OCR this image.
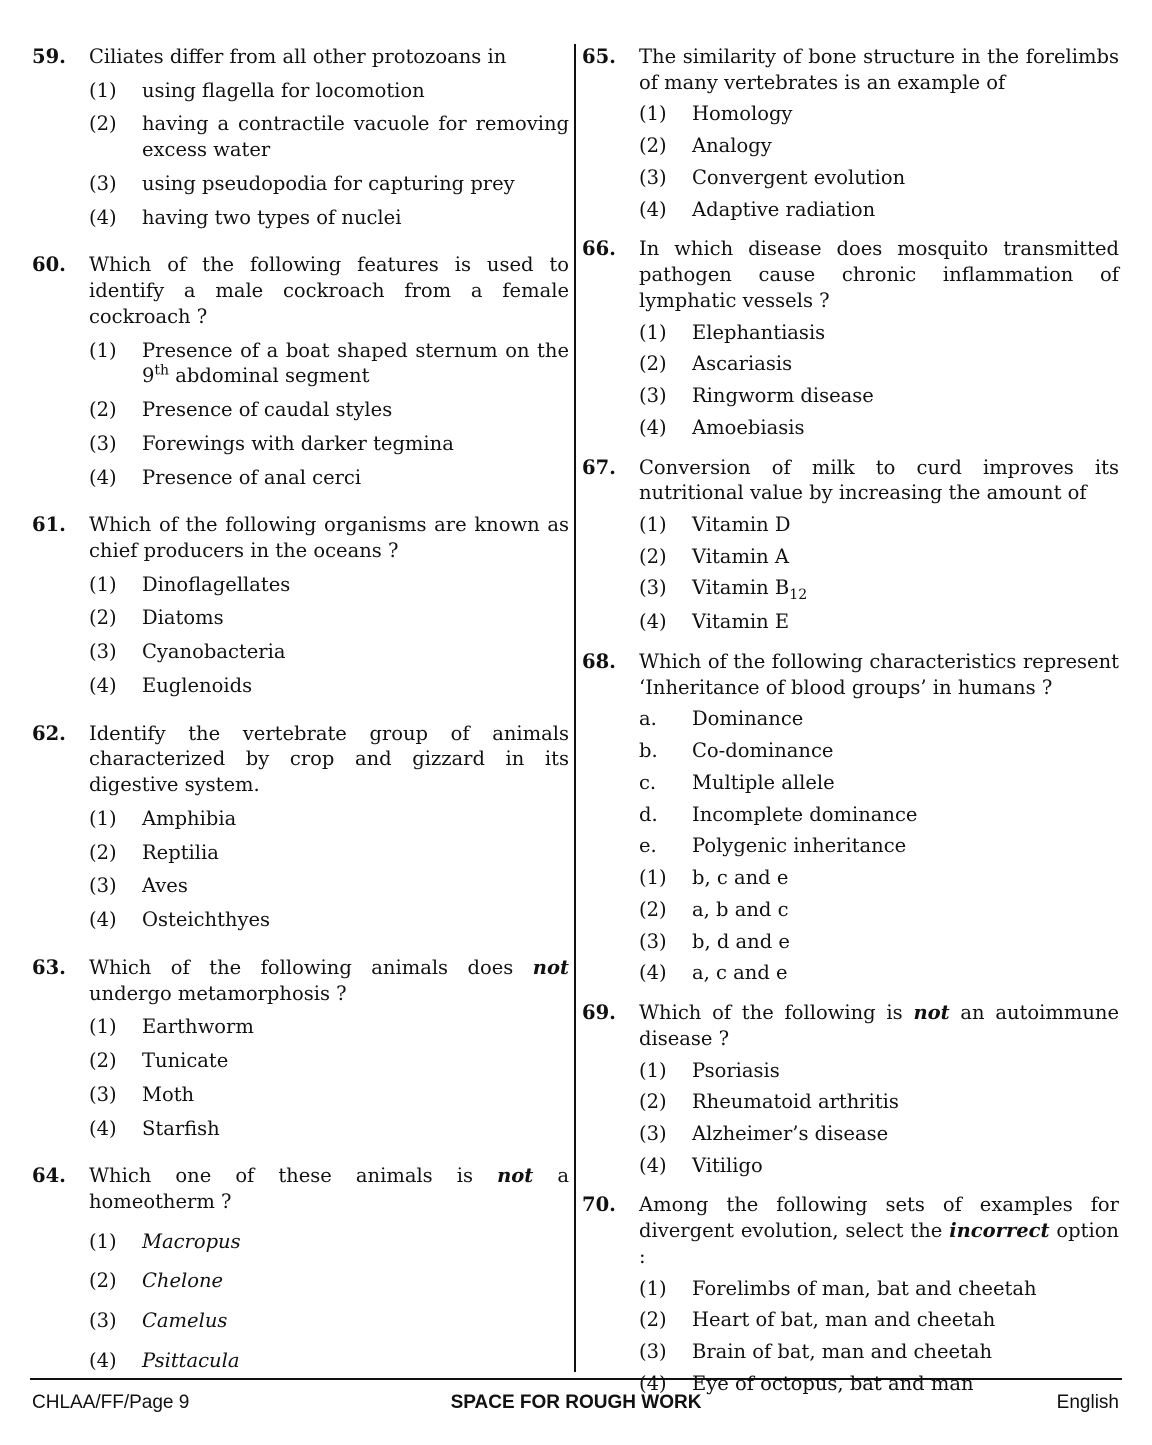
59.	Ciliates differ from all other protozoans in
(1)	using flagella for locomotion
(2)	having a contractile vacuole for removing excess water
(3)	using pseudopodia for capturing prey
(4)	having two types of nuclei
60.	Which of the following features is used to identify a male cockroach from a female cockroach ?
(1)	Presence of a boat shaped sternum on the 9th abdominal segment
(2)	Presence of caudal styles
(3)	Forewings with darker tegmina
(4)	Presence of anal cerci
61.	Which of the following organisms are known as chief producers in the oceans ?
(1)	Dinoflagellates
(2)	Diatoms
(3)	Cyanobacteria
(4)	Euglenoids
62.	Identify the vertebrate group of animals characterized by crop and gizzard in its digestive system.
(1)	Amphibia
(2)	Reptilia
(3)	Aves
(4)	Osteichthyes
63.	Which of the following animals does not undergo metamorphosis ?
(1)	Earthworm
(2)	Tunicate
(3)	Moth
(4)	Starfish
64.	Which one of these animals is not a homeotherm ?
(1)	Macropus
(2)	Chelone
(3)	Camelus
(4)	Psittacula
65.	The similarity of bone structure in the forelimbs of many vertebrates is an example of
(1)	Homology
(2)	Analogy
(3)	Convergent evolution
(4)	Adaptive radiation
66.	In which disease does mosquito transmitted pathogen cause chronic inflammation of lymphatic vessels ?
(1)	Elephantiasis
(2)	Ascariasis
(3)	Ringworm disease
(4)	Amoebiasis
67.	Conversion of milk to curd improves its nutritional value by increasing the amount of
(1)	Vitamin D
(2)	Vitamin A
(3)	Vitamin $B_{12}$
(4)	Vitamin E
68.	Which of the following characteristics represent ‘Inheritance of blood groups’ in humans ?
a.	Dominance
b.	Co-dominance
c.	Multiple allele
d.	Incomplete dominance
e.	Polygenic inheritance
(1)	b, c and e
(2)	a, b and c
(3)	b, d and e
(4)	a, c and e
69.	Which of the following is not an autoimmune disease ?
(1)	Psoriasis
(2)	Rheumatoid arthritis
(3)	Alzheimer’s disease
(4)	Vitiligo
70.	Among the following sets of examples for divergent evolution, select the incorrect option :
(1)	Forelimbs of man, bat and cheetah
(2)	Heart of bat, man and cheetah
(3)	Brain of bat, man and cheetah
(4)	Eye of octopus, bat and man
CHLAA/FF/Page 9	SPACE FOR ROUGH WORK	English
